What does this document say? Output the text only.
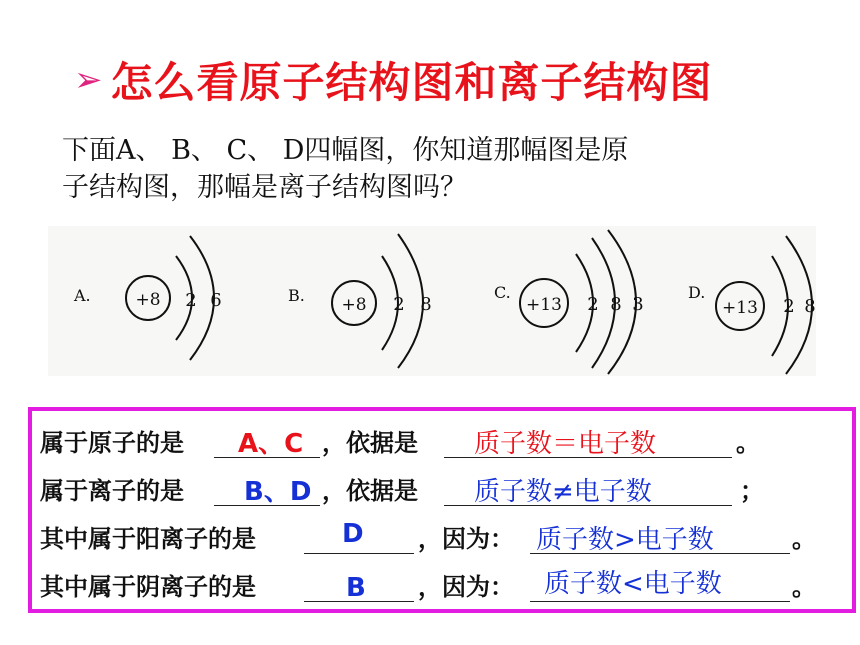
➢ 怎么看原子结构图和离子结构图
下面A、 B、 C、 D四幅图，你知道那幅图是原
子结构图，那幅是离子结构图吗？
A.	+8 2 6	B. +8 2 8
C.
+13 2 8 3
D.
+13 2 8
属于原子的是 A、C ，依据是 质子数＝电子数	。
属于离子的是 B、D ，依据是 质子数≠电子数	；
其中属于阳离子的是	D ，因为： 质子数>电子数	。
其中属于阴离子的是	B ，因为： 质子数<电子数	。
